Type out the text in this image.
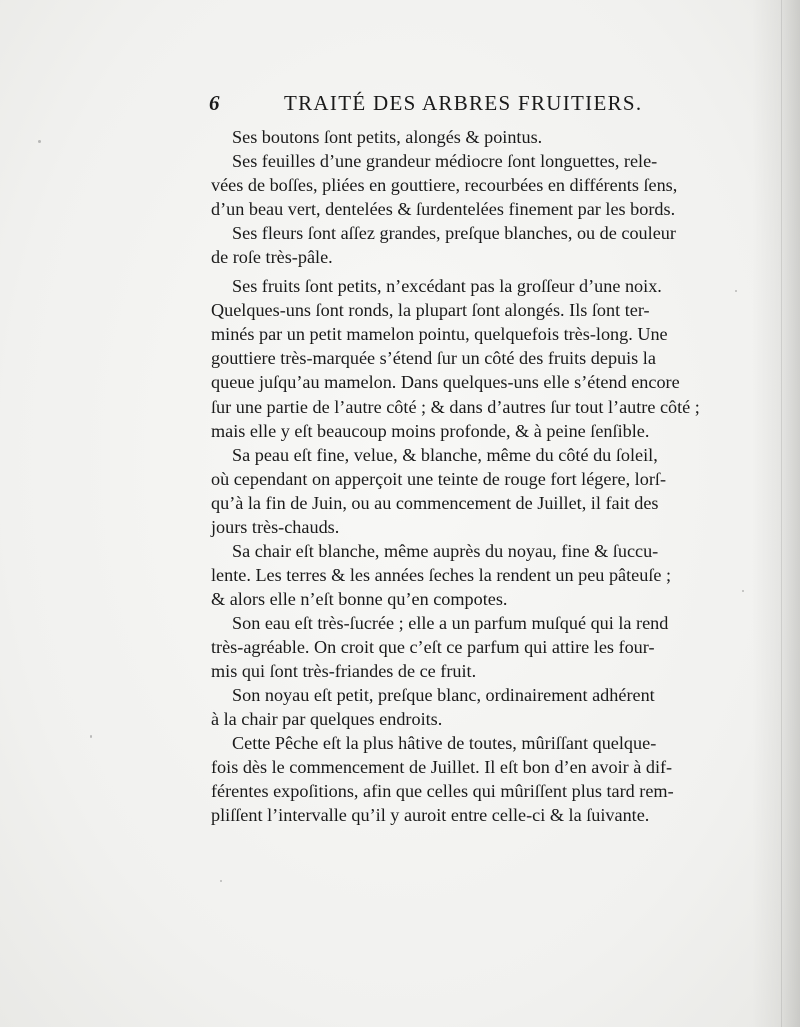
6	TRAITÉ DES ARBRES FRUITIERS.
Ses boutons ſont petits, alongés & pointus.
Ses feuilles d’une grandeur médiocre ſont longuettes, rele-
vées de boſſes, pliées en gouttiere, recourbées en différents ſens,
d’un beau vert, dentelées & ſurdentelées finement par les bords.
Ses fleurs ſont aſſez grandes, preſque blanches, ou de couleur
de roſe très-pâle.
Ses fruits ſont petits, n’excédant pas la groſſeur d’une noix.
Quelques-uns ſont ronds, la plupart ſont alongés. Ils ſont ter-
minés par un petit mamelon pointu, quelquefois très-long. Une
gouttiere très-marquée s’étend ſur un côté des fruits depuis la
queue juſqu’au mamelon. Dans quelques-uns elle s’étend encore
ſur une partie de l’autre côté ; & dans d’autres ſur tout l’autre côté ;
mais elle y eſt beaucoup moins profonde, & à peine ſenſible.
Sa peau eſt fine, velue, & blanche, même du côté du ſoleil,
où cependant on apperçoit une teinte de rouge fort légere, lorſ-
qu’à la fin de Juin, ou au commencement de Juillet, il fait des
jours très-chauds.
Sa chair eſt blanche, même auprès du noyau, fine & ſuccu-
lente. Les terres & les années ſeches la rendent un peu pâteuſe ;
& alors elle n’eſt bonne qu’en compotes.
Son eau eſt très-ſucrée ; elle a un parfum muſqué qui la rend
très-agréable. On croit que c’eſt ce parfum qui attire les four-
mis qui ſont très-friandes de ce fruit.
Son noyau eſt petit, preſque blanc, ordinairement adhérent
à la chair par quelques endroits.
Cette Pêche eſt la plus hâtive de toutes, mûriſſant quelque-
fois dès le commencement de Juillet. Il eſt bon d’en avoir à dif-
férentes expoſitions, afin que celles qui mûriſſent plus tard rem-
pliſſent l’intervalle qu’il y auroit entre celle-ci & la ſuivante.
